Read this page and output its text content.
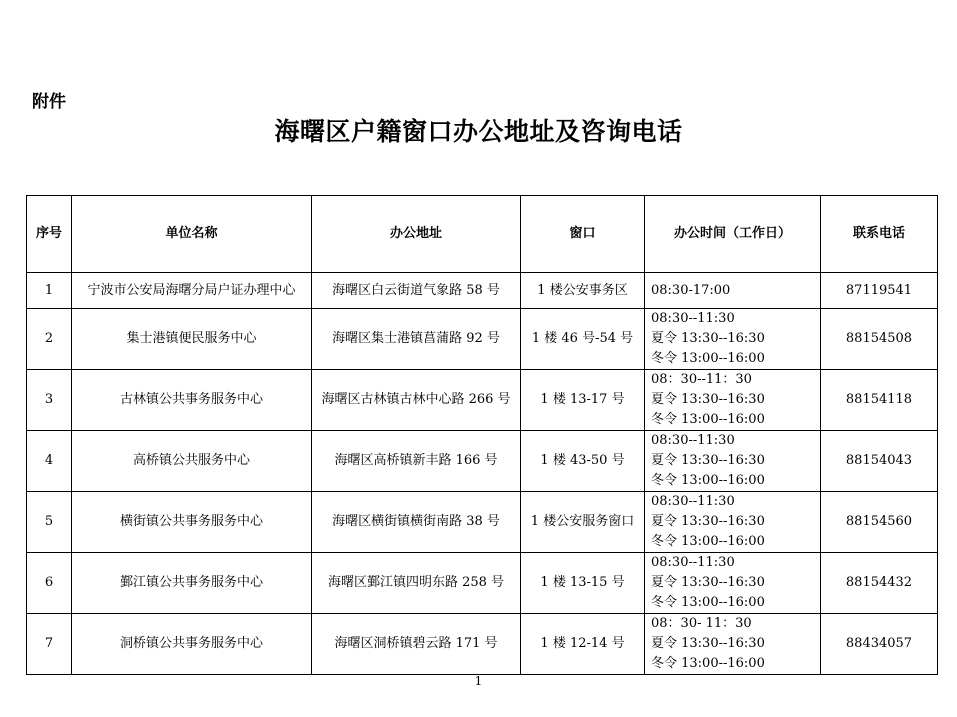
附件
海曙区户籍窗口办公地址及咨询电话
序号	单位名称	办公地址	窗口	办公时间（工作日）	联系电话
1	宁波市公安局海曙分局户证办理中心	海曙区白云街道气象路 58 号	1 楼公安事务区	08:30-17:00	87119541
2	集士港镇便民服务中心	海曙区集士港镇菖蒲路 92 号	1 楼 46 号-54 号	08:30--11:30
夏令 13:30--16:30
冬令 13:00--16:00	88154508
3	古林镇公共事务服务中心	海曙区古林镇古林中心路 266 号	1 楼 13-17 号	08：30--11：30
夏令 13:30--16:30
冬令 13:00--16:00	88154118
4	高桥镇公共服务中心	海曙区高桥镇新丰路 166 号	1 楼 43-50 号	08:30--11:30
夏令 13:30--16:30
冬令 13:00--16:00	88154043
5	横街镇公共事务服务中心	海曙区横街镇横街南路 38 号	1 楼公安服务窗口	08:30--11:30
夏令 13:30--16:30
冬令 13:00--16:00	88154560
6	鄞江镇公共事务服务中心	海曙区鄞江镇四明东路 258 号	1 楼 13-15 号	08:30--11:30
夏令 13:30--16:30
冬令 13:00--16:00	88154432
7	洞桥镇公共事务服务中心	海曙区洞桥镇碧云路 171 号	1 楼 12-14 号	08：30- 11：30
夏令 13:30--16:30
冬令 13:00--16:00	88434057
1
